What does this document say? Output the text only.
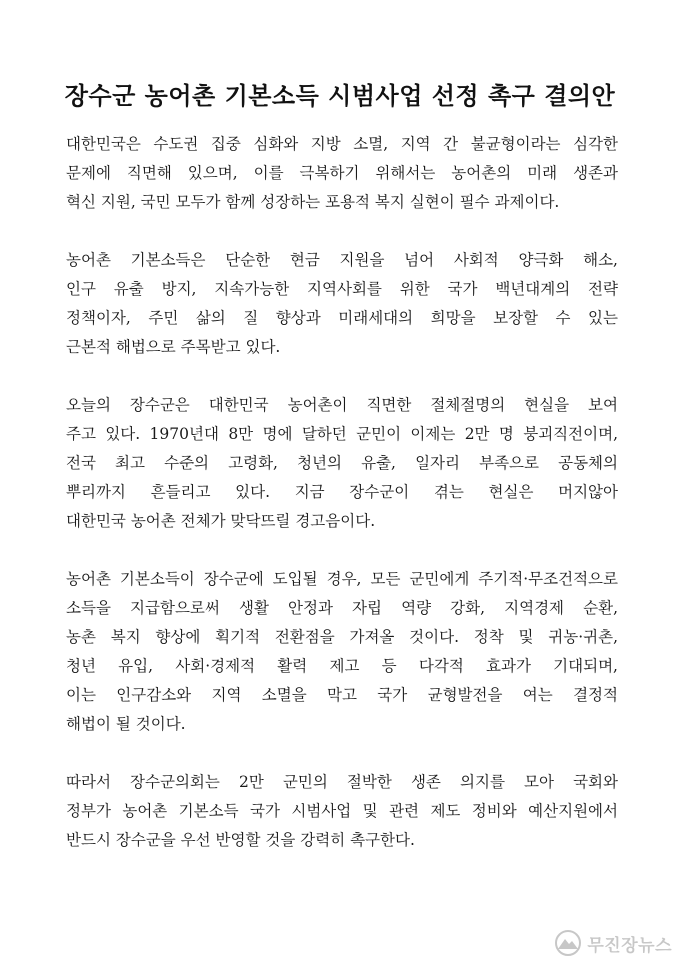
장수군 농어촌 기본소득 시범사업 선정 촉구 결의안

대한민국은 수도권 집중 심화와 지방 소멸, 지역 간 불균형이라는 심각한
문제에 직면해 있으며, 이를 극복하기 위해서는 농어촌의 미래 생존과
혁신 지원, 국민 모두가 함께 성장하는 포용적 복지 실현이 필수 과제이다.

농어촌 기본소득은 단순한 현금 지원을 넘어 사회적 양극화 해소,
인구 유출 방지, 지속가능한 지역사회를 위한 국가 백년대계의 전략
정책이자, 주민 삶의 질 향상과 미래세대의 희망을 보장할 수 있는
근본적 해법으로 주목받고 있다.

오늘의 장수군은 대한민국 농어촌이 직면한 절체절명의 현실을 보여
주고 있다. 1970년대 8만 명에 달하던 군민이 이제는 2만 명 붕괴직전이며,
전국 최고 수준의 고령화, 청년의 유출, 일자리 부족으로 공동체의
뿌리까지 흔들리고 있다. 지금 장수군이 겪는 현실은 머지않아
대한민국 농어촌 전체가 맞닥뜨릴 경고음이다.

농어촌 기본소득이 장수군에 도입될 경우, 모든 군민에게 주기적·무조건적으로
소득을 지급함으로써 생활 안정과 자립 역량 강화, 지역경제 순환,
농촌 복지 향상에 획기적 전환점을 가져올 것이다. 정착 및 귀농·귀촌,
청년 유입, 사회·경제적 활력 제고 등 다각적 효과가 기대되며,
이는 인구감소와 지역 소멸을 막고 국가 균형발전을 여는 결정적
해법이 될 것이다.

따라서 장수군의회는 2만 군민의 절박한 생존 의지를 모아 국회와
정부가 농어촌 기본소득 국가 시범사업 및 관련 제도 정비와 예산지원에서
반드시 장수군을 우선 반영할 것을 강력히 촉구한다.

무진장뉴스
